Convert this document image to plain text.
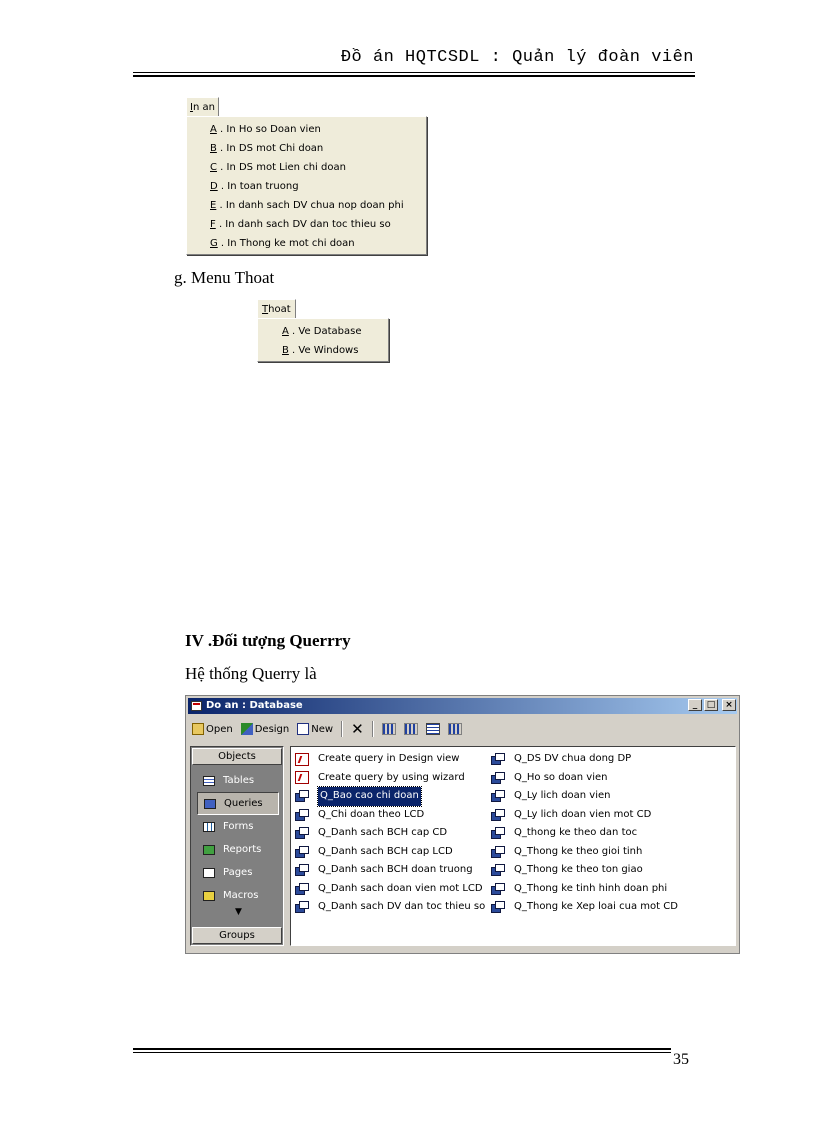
Đồ án HQTCSDL : Quản lý đoàn viên
In an
A . In Ho so Doan vien
B . In DS mot Chi doan
C . In DS mot Lien chi doan
D . In toan truong
E . In danh sach DV chua nop doan phi
F . In danh sach DV dan toc thieu so
G . In Thong ke mot chi doan
g. Menu Thoat
Thoat
A . Ve Database
B . Ve Windows
IV .Đối tượng Querrry
Hệ thống Querry là
Do an : Database	_	□	×
Open Design New ✕
Objects
Tables
Queries
Forms
Reports
Pages
Macros
▼
Groups
Create query in Design view
Create query by using wizard
Q_Bao cao chi doan
Q_Chi doan theo LCD
Q_Danh sach BCH cap CD
Q_Danh sach BCH cap LCD
Q_Danh sach BCH doan truong
Q_Danh sach doan vien mot LCD
Q_Danh sach DV dan toc thieu so
Q_DS DV chua dong DP
Q_Ho so doan vien
Q_Ly lich doan vien
Q_Ly lich doan vien mot CD
Q_thong ke theo dan toc
Q_Thong ke theo gioi tinh
Q_Thong ke theo ton giao
Q_Thong ke tinh hinh doan phi
Q_Thong ke Xep loai cua mot CD
35
